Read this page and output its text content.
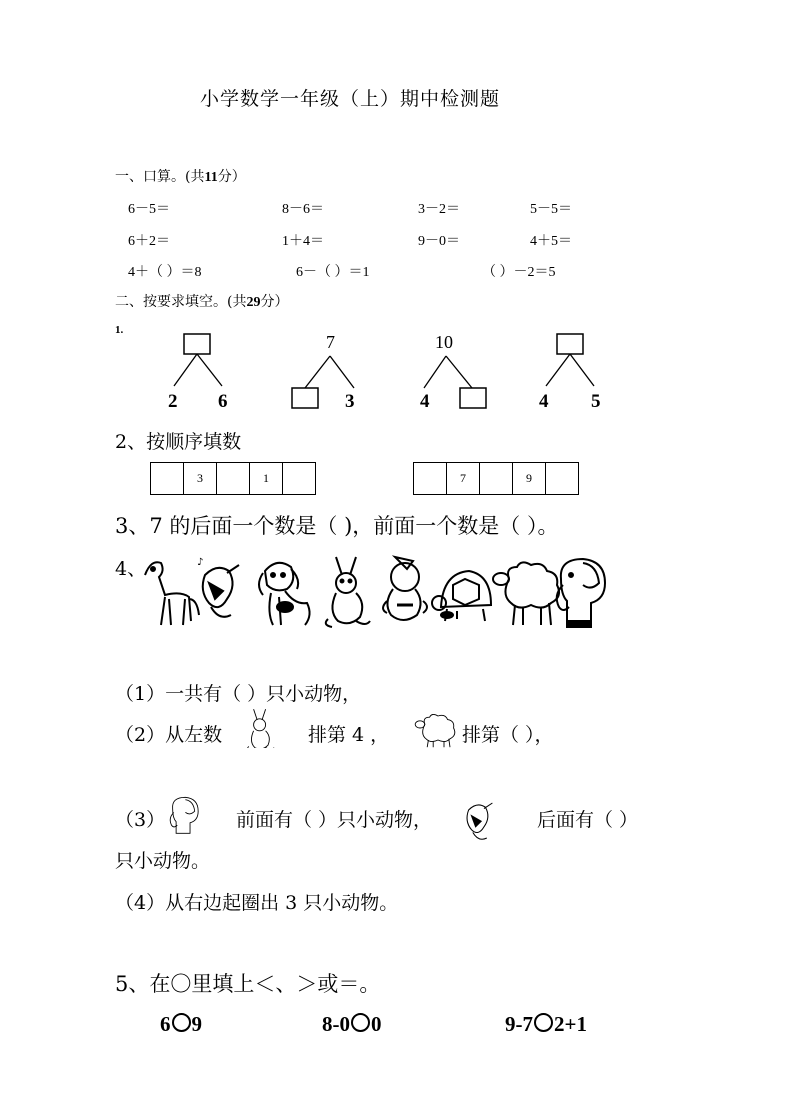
小学数学一年级（上）期中检测题
一、口算。(共11分）
6－5＝	8－6＝	3－2＝	5－5＝
6＋2＝	1＋4＝	9－0＝	4＋5＝
4＋（ ）＝8	6－（ ）＝1	（ ）－2＝5
二、按要求填空。(共29分）
1.
2 6
7
3
10
4	4 5
2、按顺序填数
3	1	7	9
3、7 的后面一个数是（ )，前面一个数是（ ）。
4、	♪
（1）一共有（ ）只小动物，
（2）从左数	排第 4 ，	排第（ ），
（3）	前面有（ ）只小动物，	后面有（ ）
只小动物。
（4）从右边起圈出 3 只小动物。
5、在〇里填上＜、＞或＝。
6 9	8-0 0	9-7 2+1
